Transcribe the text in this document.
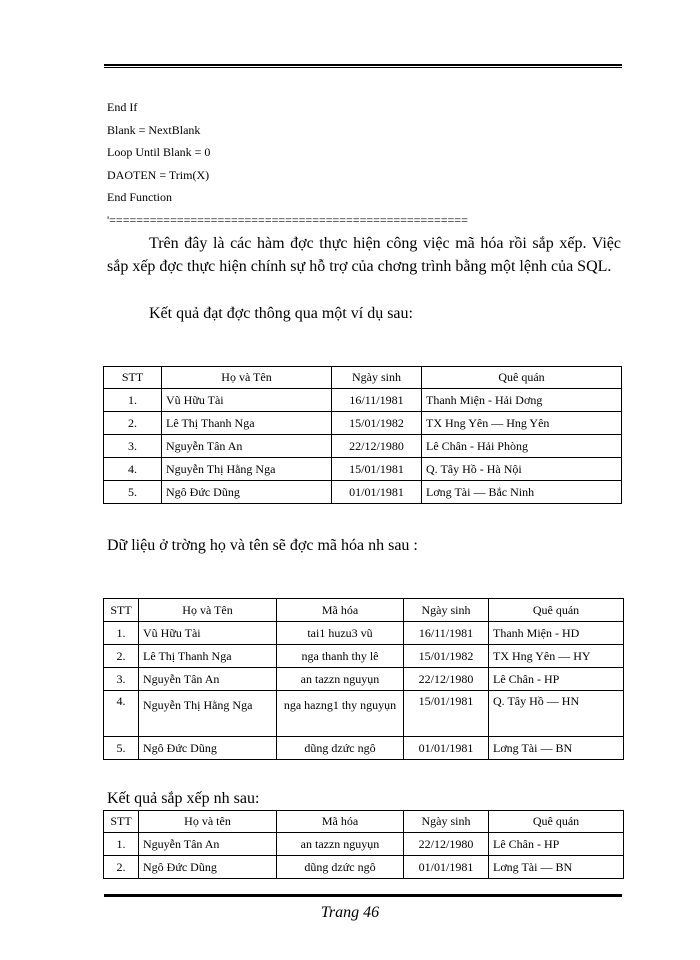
End If
Blank = NextBlank
Loop Until Blank = 0
DAOTEN = Trim(X)
End Function
'=====================================================
Trên đây là các hàm đợc thực hiện công việc mã hóa rồi sắp xếp. Việc sắp xếp đợc thực hiện chính sự hỗ trợ của chơng trình bằng một lệnh của SQL.
Kết quả đạt đợc thông qua một ví dụ sau:
STT	Họ và Tên	Ngày sinh	Quê quán
1.	Vũ Hữu Tài	16/11/1981	Thanh Miện - Hải Dơng
2.	Lê Thị Thanh Nga	15/01/1982	TX Hng Yên — Hng Yên
3.	Nguyễn Tân An	22/12/1980	Lê Chân - Hải Phòng
4.	Nguyễn Thị Hằng Nga	15/01/1981	Q. Tây Hồ - Hà Nội
5.	Ngô Đức Dũng	01/01/1981	Lơng Tài — Bắc Ninh
Dữ liệu ở trờng họ và tên sẽ đợc mã hóa nh sau :
STT	Họ và Tên	Mã hóa	Ngày sinh	Quê quán
1.	Vũ Hữu Tài	tai1 huzu3 vũ	16/11/1981	Thanh Miện - HD
2.	Lê Thị Thanh Nga	nga thanh thy lê	15/01/1982	TX Hng Yên — HY
3.	Nguyễn Tân An	an tazzn nguyụn	22/12/1980	Lê Chân - HP
4.	Nguyễn Thị Hằng Nga	nga hazng1 thy nguyụn	15/01/1981	Q. Tây Hồ — HN
5.	Ngô Đức Dũng	dũng dzức ngô	01/01/1981	Lơng Tài — BN
Kết quả sắp xếp nh sau:
STT	Họ và tên	Mã hóa	Ngày sinh	Quê quán
1.	Nguyễn Tân An	an tazzn nguyụn	22/12/1980	Lê Chân - HP
2.	Ngô Đức Dũng	dũng dzức ngô	01/01/1981	Lơng Tài — BN
Trang 46
